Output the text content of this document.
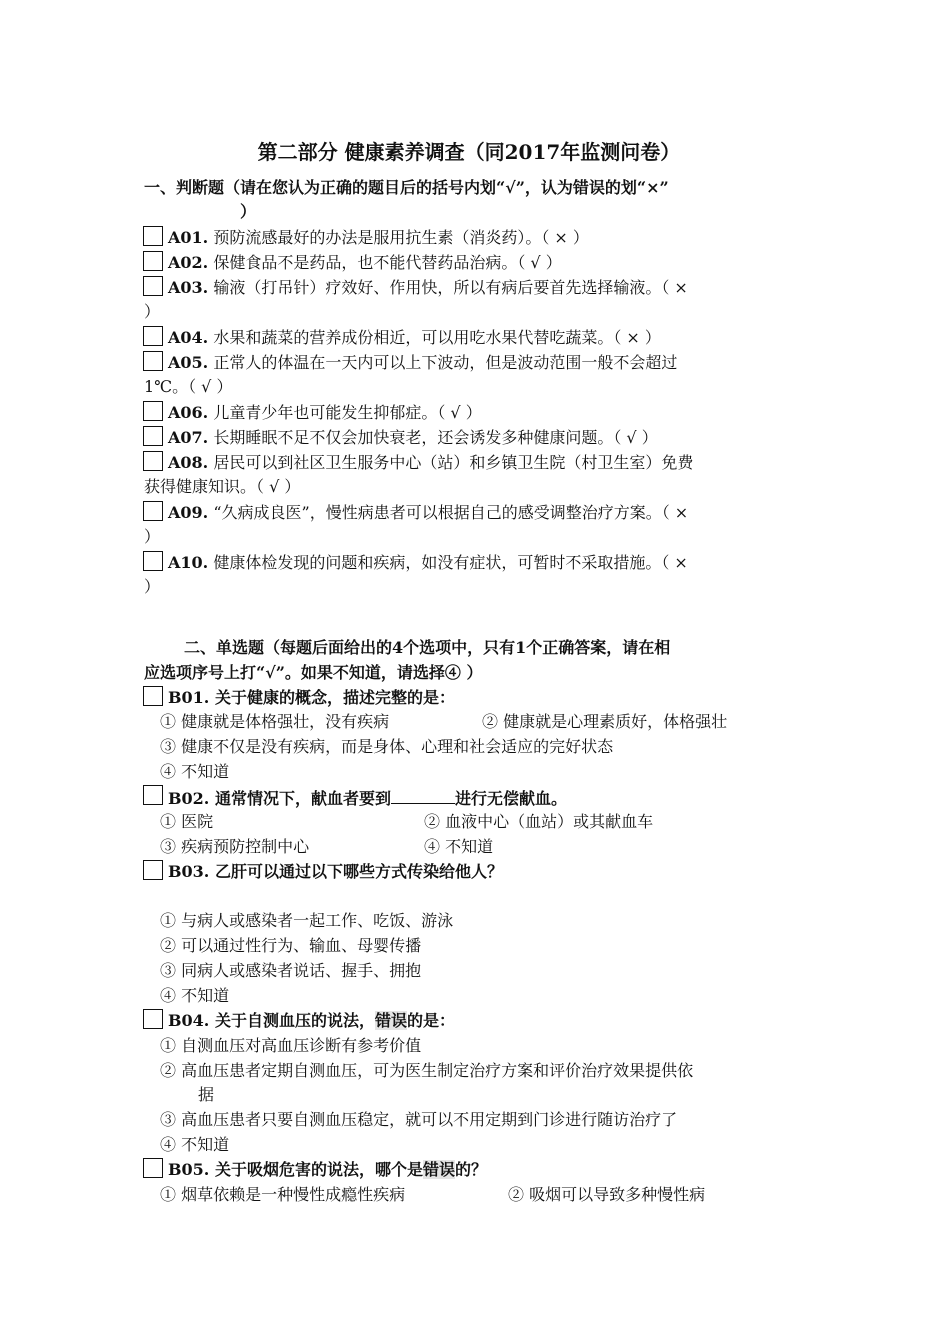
第二部分 健康素养调查（同2017年监测问卷）
一、判断题（请在您认为正确的题目后的括号内划“√”，认为错误的划“×”
）
A01. 预防流感最好的办法是服用抗生素（消炎药）。（ × ）
A02. 保健食品不是药品，也不能代替药品治病。（ √ ）
A03. 输液（打吊针）疗效好、作用快，所以有病后要首先选择输液。（ ×
）
A04. 水果和蔬菜的营养成份相近，可以用吃水果代替吃蔬菜。（ × ）
A05. 正常人的体温在一天内可以上下波动，但是波动范围一般不会超过
1℃。（ √ ）
A06. 儿童青少年也可能发生抑郁症。（ √ ）
A07. 长期睡眠不足不仅会加快衰老，还会诱发多种健康问题。（ √ ）
A08. 居民可以到社区卫生服务中心（站）和乡镇卫生院（村卫生室）免费
获得健康知识。（ √ ）
A09. “久病成良医”，慢性病患者可以根据自己的感受调整治疗方案。（ ×
）
A10. 健康体检发现的问题和疾病，如没有症状，可暂时不采取措施。（ ×
）
二、单选题（每题后面给出的4个选项中，只有1个正确答案，请在相
应选项序号上打“√”。如果不知道，请选择④ ）
B01. 关于健康的概念，描述完整的是：
① 健康就是体格强壮，没有疾病	② 健康就是心理素质好，体格强壮
③ 健康不仅是没有疾病，而是身体、心理和社会适应的完好状态
④ 不知道
B02. 通常情况下，献血者要到	进行无偿献血。
① 医院	② 血液中心（血站）或其献血车
③ 疾病预防控制中心	④ 不知道
B03. 乙肝可以通过以下哪些方式传染给他人？
① 与病人或感染者一起工作、吃饭、游泳
② 可以通过性行为、输血、母婴传播
③ 同病人或感染者说话、握手、拥抱
④ 不知道
B04. 关于自测血压的说法，错误的是：
① 自测血压对高血压诊断有参考价值
② 高血压患者定期自测血压，可为医生制定治疗方案和评价治疗效果提供依
据
③ 高血压患者只要自测血压稳定，就可以不用定期到门诊进行随访治疗了
④ 不知道
B05. 关于吸烟危害的说法，哪个是错误的？
① 烟草依赖是一种慢性成瘾性疾病	② 吸烟可以导致多种慢性病
